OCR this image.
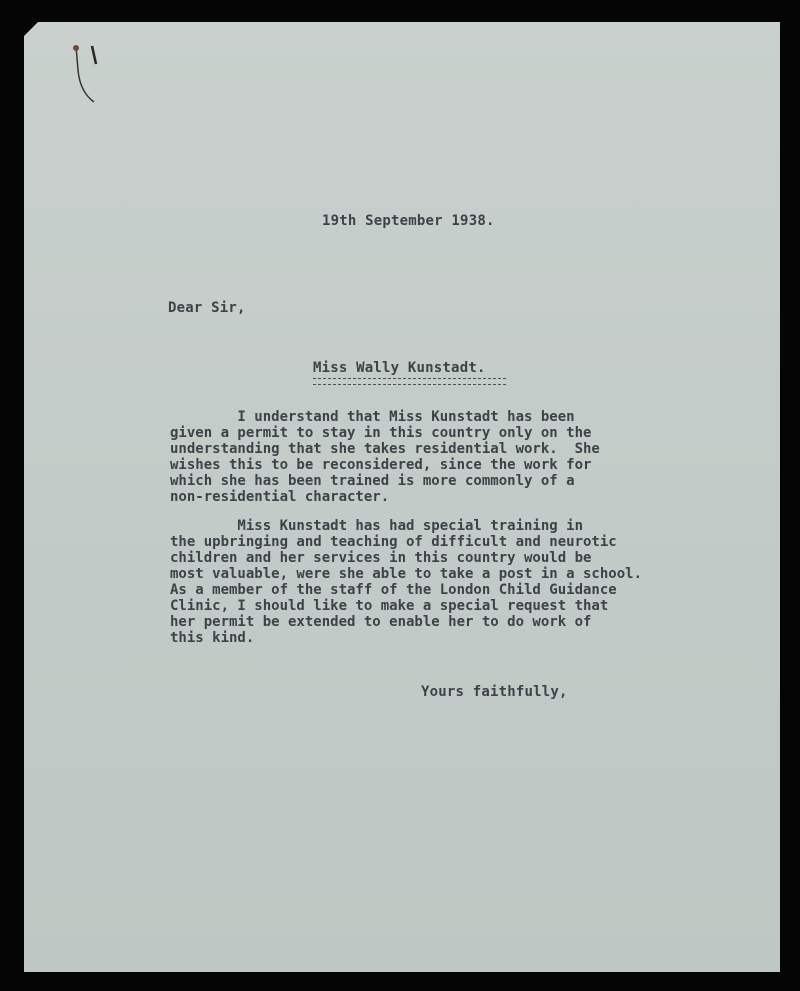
19th September 1938.
Dear Sir,
Miss Wally Kunstadt.
I understand that Miss Kunstadt has been
given a permit to stay in this country only on the
understanding that she takes residential work.  She
wishes this to be reconsidered, since the work for
which she has been trained is more commonly of a
non-residential character.
Miss Kunstadt has had special training in
the upbringing and teaching of difficult and neurotic
children and her services in this country would be
most valuable, were she able to take a post in a school.
As a member of the staff of the London Child Guidance
Clinic, I should like to make a special request that
her permit be extended to enable her to do work of
this kind.
Yours faithfully,
